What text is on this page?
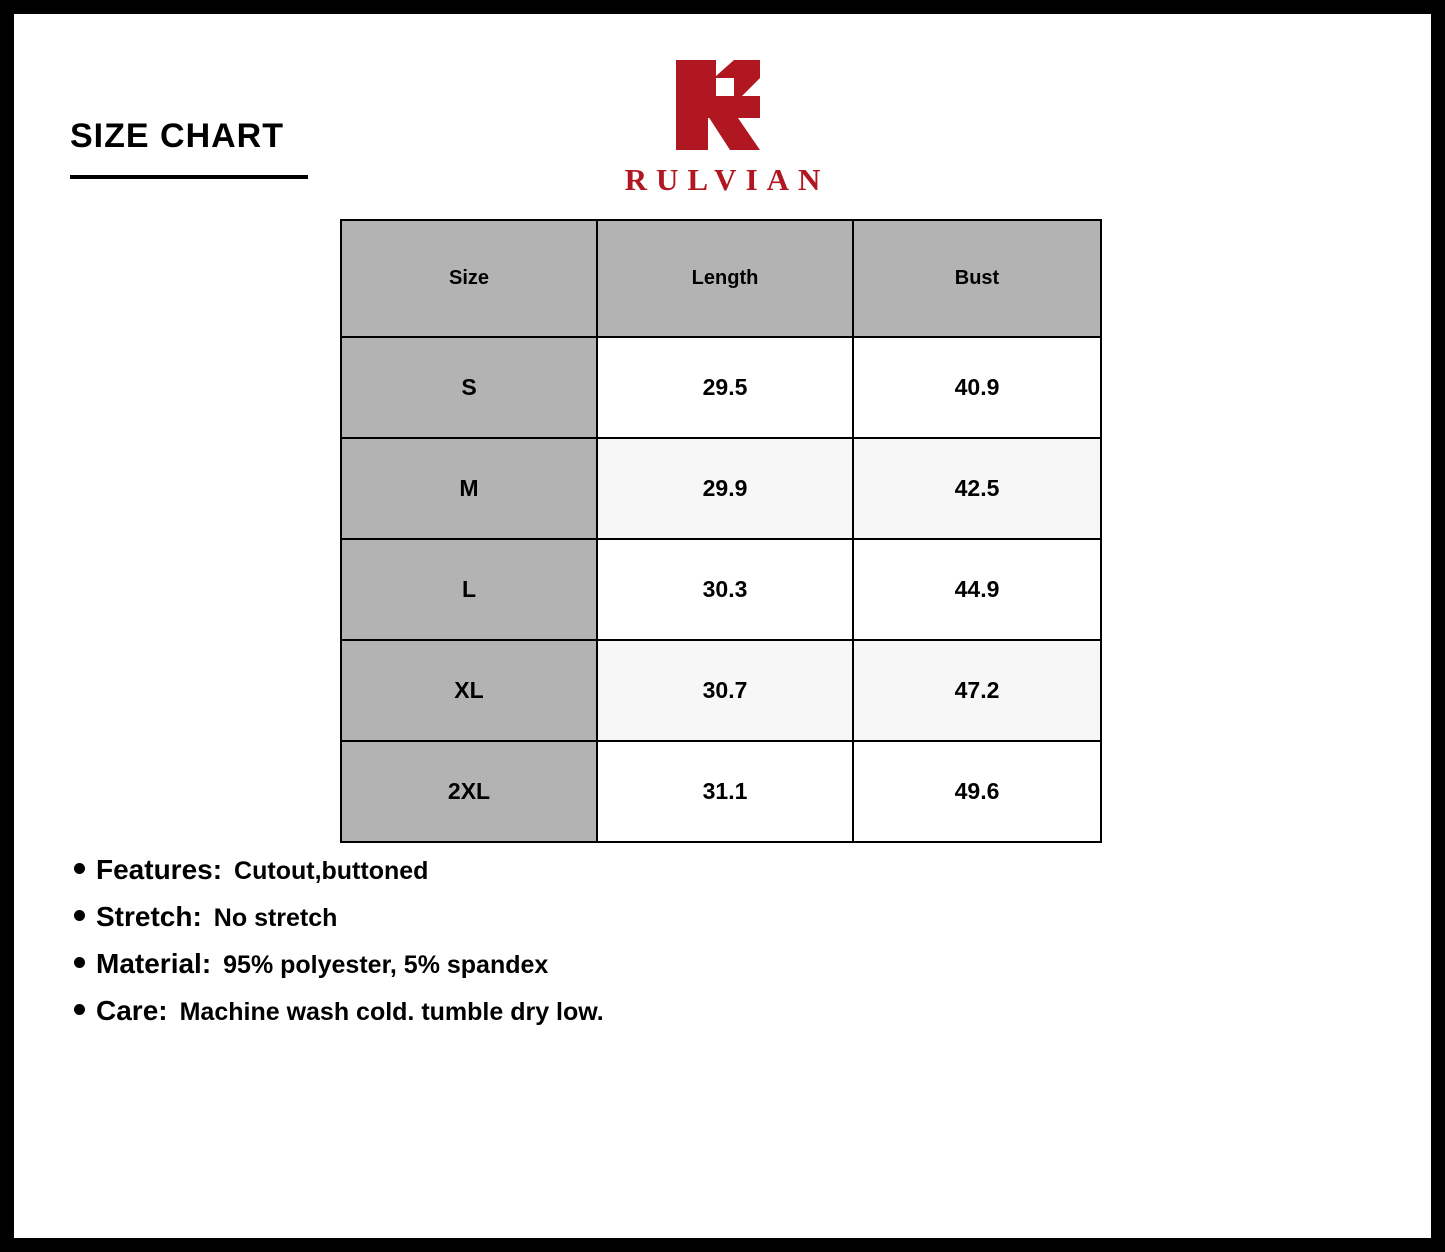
SIZE CHART
RULVIAN
Size	Length	Bust
S	29.5	40.9
M	29.9	42.5
L	30.3	44.9
XL	30.7	47.2
2XL	31.1	49.6
Features: Cutout,buttoned
Stretch: No stretch
Material: 95% polyester, 5% spandex
Care: Machine wash cold. tumble dry low.
